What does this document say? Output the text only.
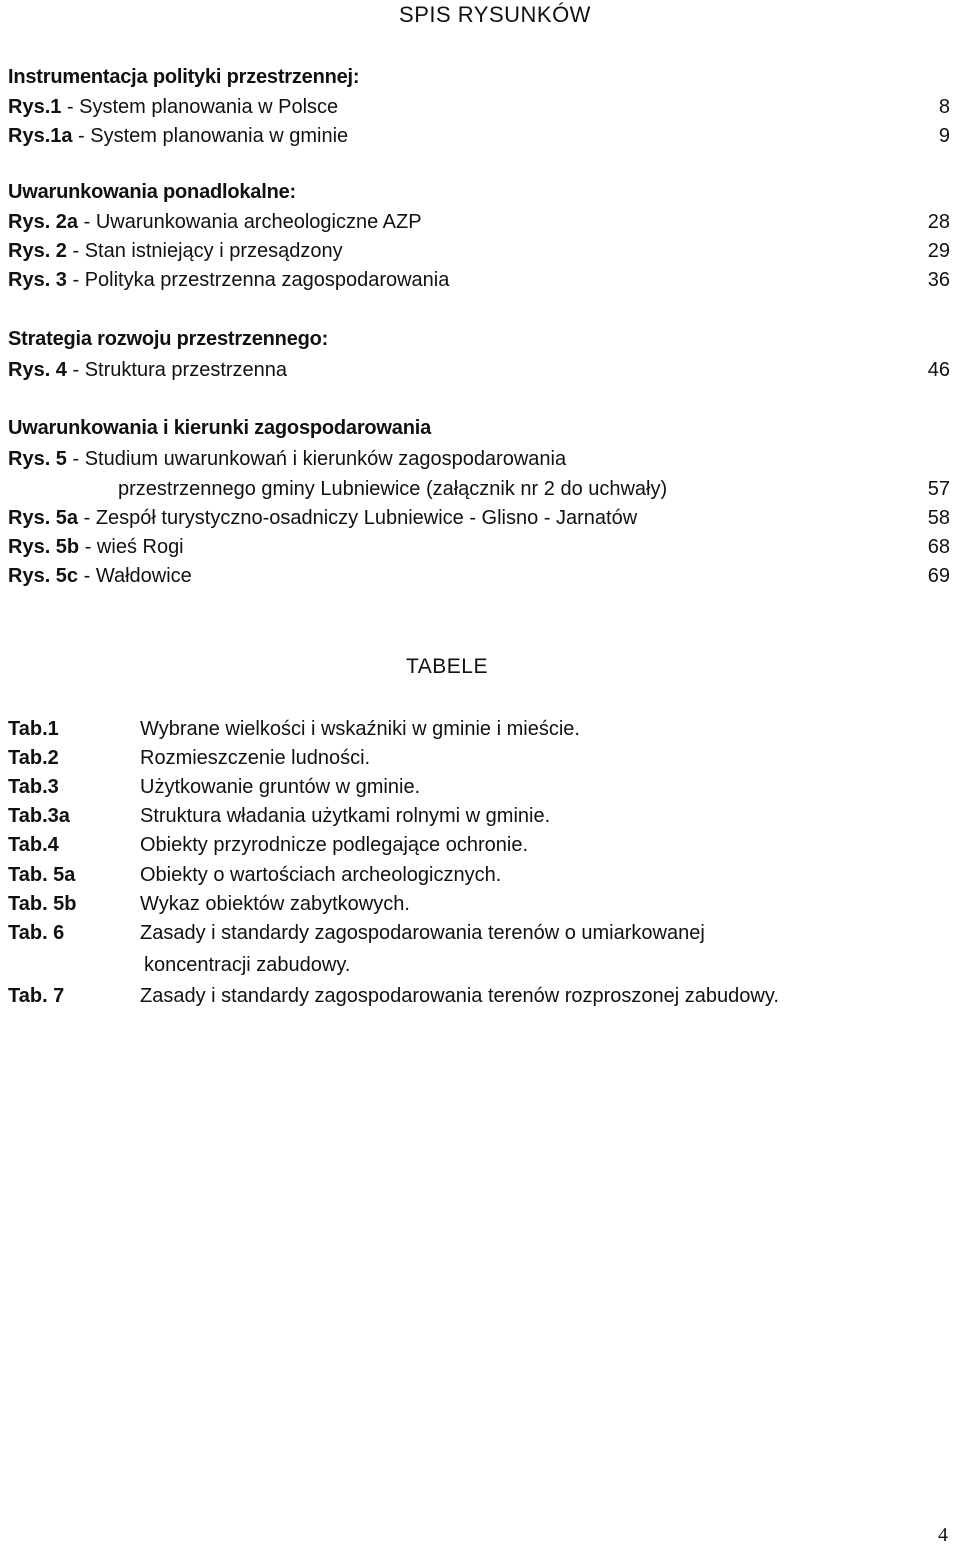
SPIS RYSUNKÓW
Instrumentacja polityki przestrzennej:
Rys.1 - System planowania w Polsce	8
Rys.1a - System planowania w gminie	9
Uwarunkowania ponadlokalne:
Rys. 2a - Uwarunkowania archeologiczne AZP	28
Rys. 2 - Stan istniejący i przesądzony	29
Rys. 3 - Polityka przestrzenna zagospodarowania	36
Strategia rozwoju przestrzennego:
Rys. 4 - Struktura przestrzenna	46
Uwarunkowania i kierunki zagospodarowania
Rys. 5 - Studium uwarunkowań i kierunków zagospodarowania
przestrzennego gminy Lubniewice (załącznik nr 2 do uchwały)	57
Rys. 5a - Zespół turystyczno-osadniczy Lubniewice - Glisno - Jarnatów	58
Rys. 5b - wieś Rogi	68
Rys. 5c - Wałdowice	69
TABELE
Tab.1	Wybrane wielkości i wskaźniki w gminie i mieście.
Tab.2	Rozmieszczenie ludności.
Tab.3	Użytkowanie gruntów w gminie.
Tab.3a	Struktura władania użytkami rolnymi w gminie.
Tab.4	Obiekty przyrodnicze podlegające ochronie.
Tab. 5a	Obiekty o wartościach archeologicznych.
Tab. 5b	Wykaz obiektów zabytkowych.
Tab. 6	Zasady i standardy zagospodarowania terenów o umiarkowanej
koncentracji zabudowy.
Tab. 7	Zasady i standardy zagospodarowania terenów rozproszonej zabudowy.
4
